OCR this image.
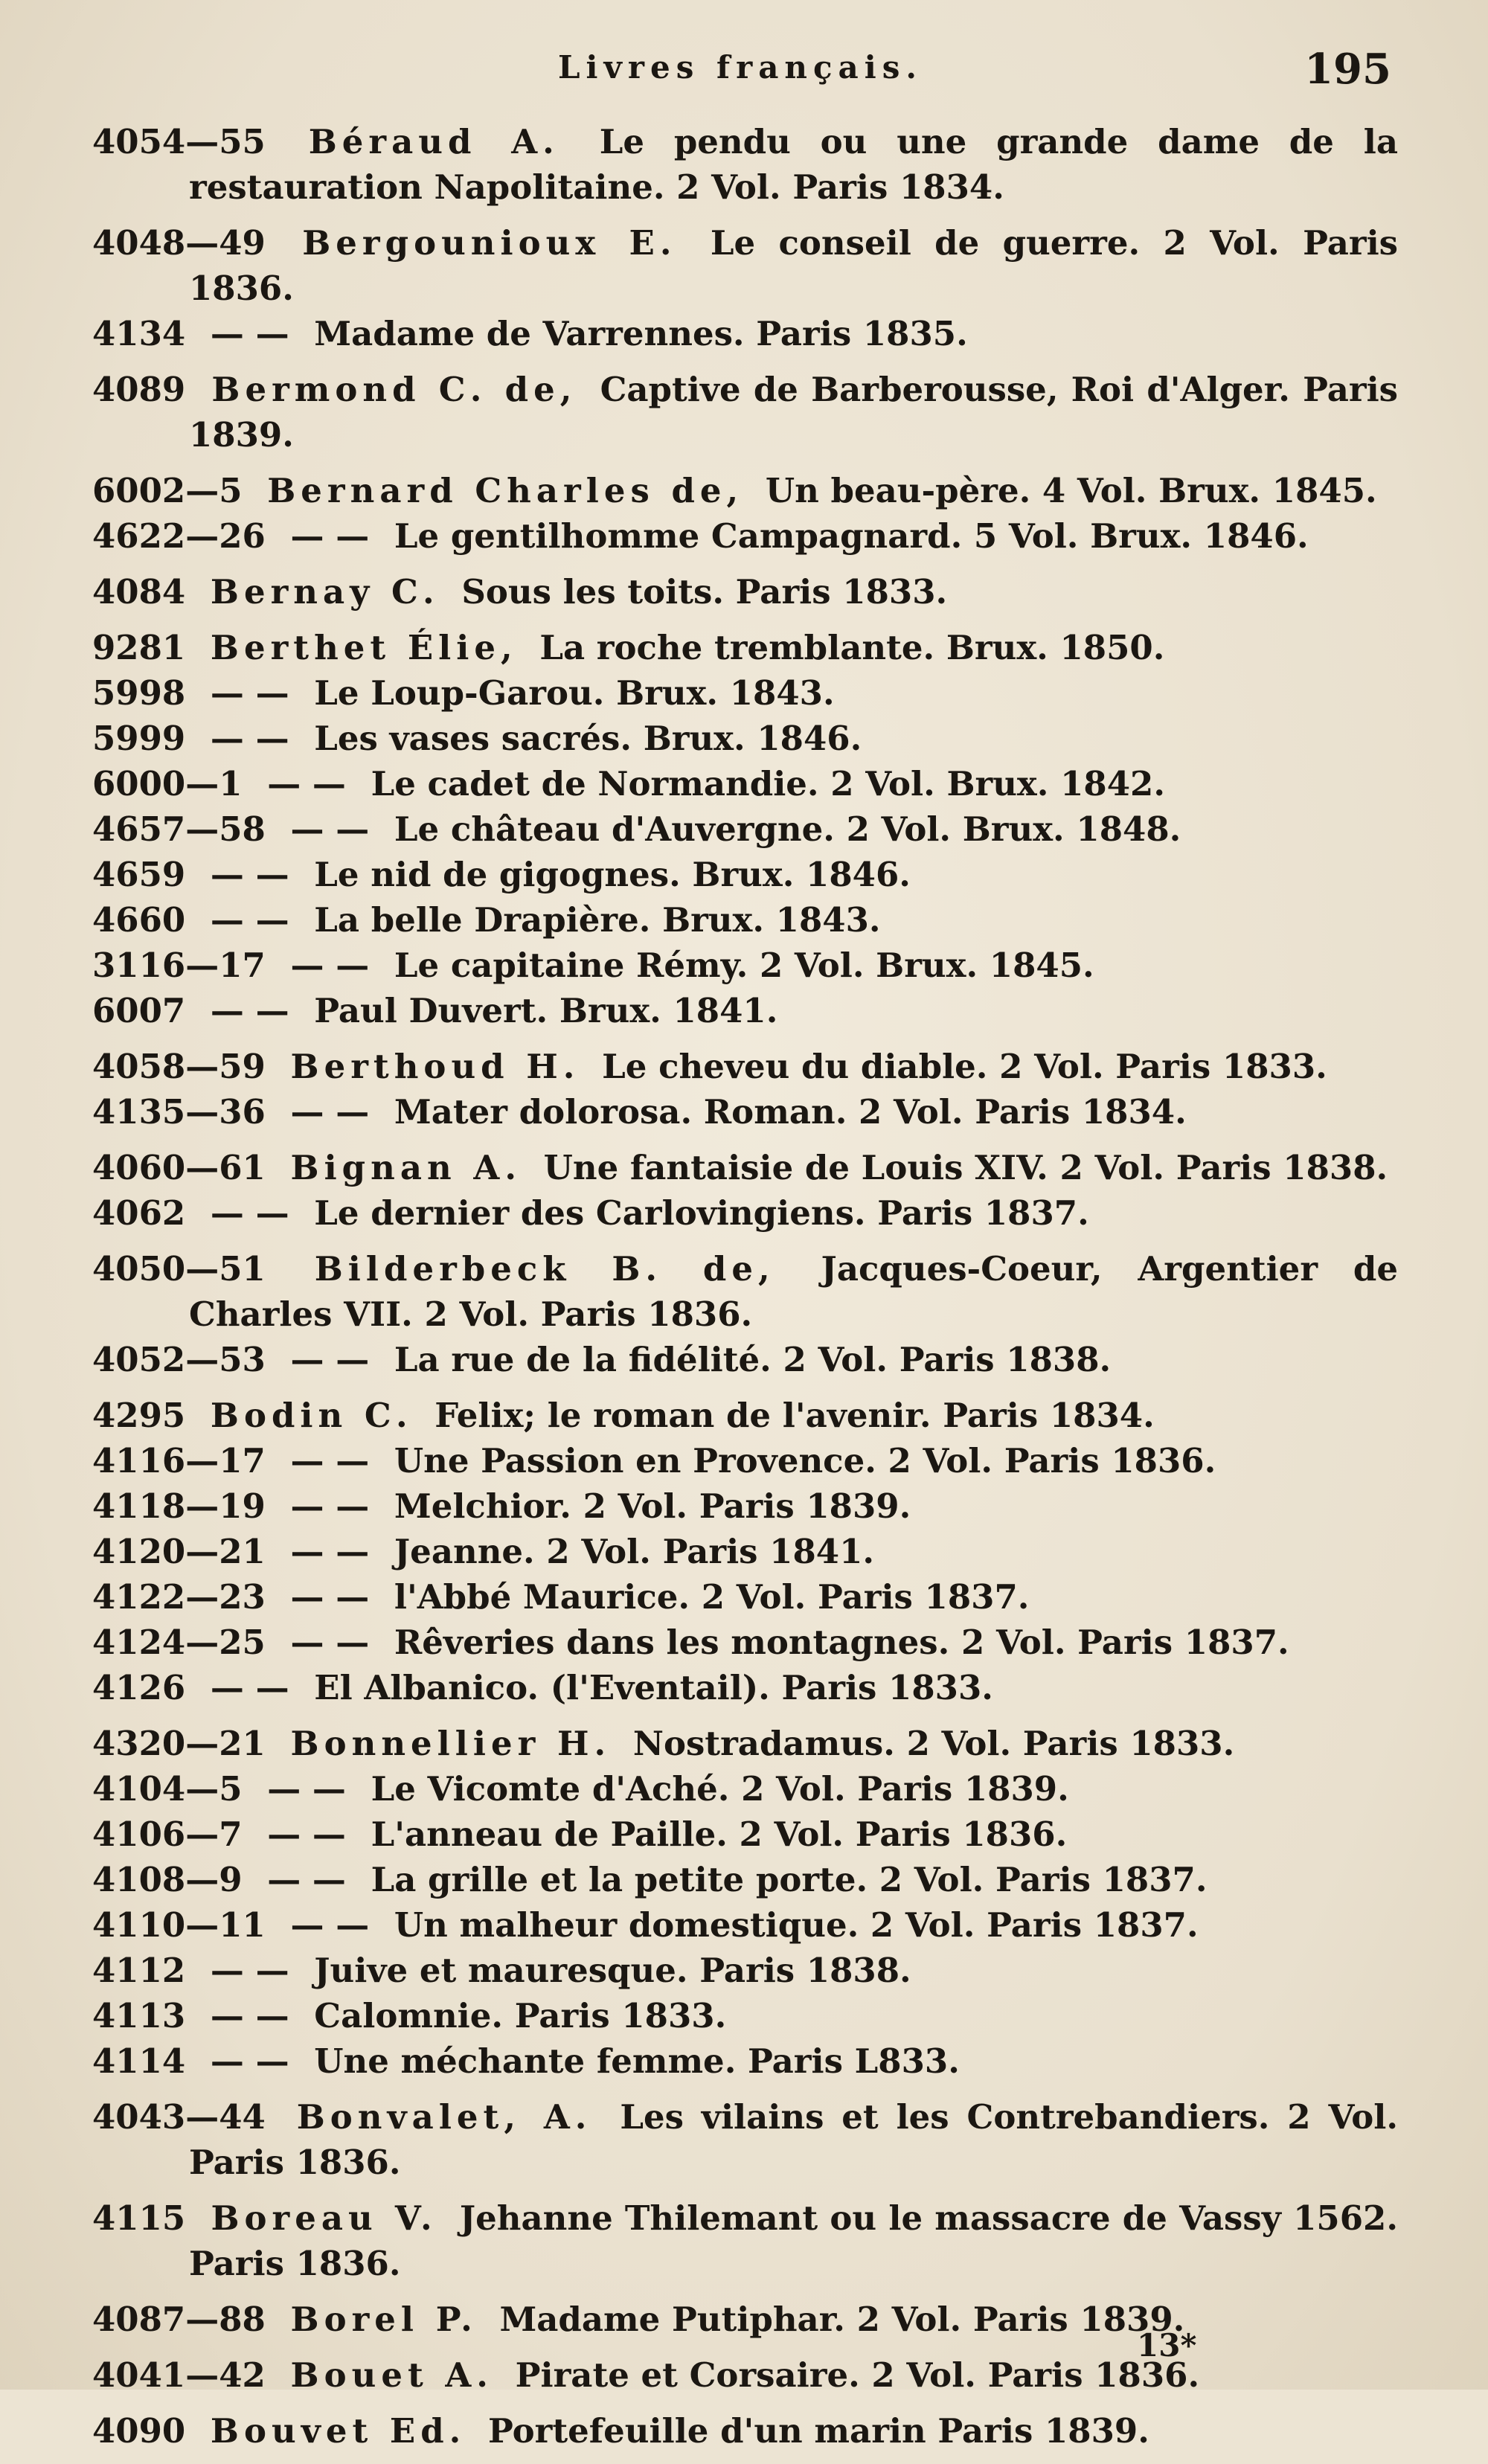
Livres français.	195
4054—55 Béraud A. Le pendu ou une grande dame de la restauration Napolitaine. 2 Vol. Paris 1834.
4048—49 Bergounioux E. Le conseil de guerre. 2 Vol. Paris 1836.
4134 — — Madame de Varrennes. Paris 1835.
4089 Bermond C. de, Captive de Barberousse, Roi d'Alger. Paris 1839.
6002—5 Bernard Charles de, Un beau-père. 4 Vol. Brux. 1845.
4622—26 — — Le gentilhomme Campagnard. 5 Vol. Brux. 1846.
4084 Bernay C. Sous les toits. Paris 1833.
9281 Berthet Élie, La roche tremblante. Brux. 1850.
5998 — — Le Loup-Garou. Brux. 1843.
5999 — — Les vases sacrés. Brux. 1846.
6000—1 — — Le cadet de Normandie. 2 Vol. Brux. 1842.
4657—58 — — Le château d'Auvergne. 2 Vol. Brux. 1848.
4659 — — Le nid de gigognes. Brux. 1846.
4660 — — La belle Drapière. Brux. 1843.
3116—17 — — Le capitaine Rémy. 2 Vol. Brux. 1845.
6007 — — Paul Duvert. Brux. 1841.
4058—59 Berthoud H. Le cheveu du diable. 2 Vol. Paris 1833.
4135—36 — — Mater dolorosa. Roman. 2 Vol. Paris 1834.
4060—61 Bignan A. Une fantaisie de Louis XIV. 2 Vol. Paris 1838.
4062 — — Le dernier des Carlovingiens. Paris 1837.
4050—51 Bilderbeck B. de, Jacques-Coeur, Argentier de Charles VII. 2 Vol. Paris 1836.
4052—53 — — La rue de la fidélité. 2 Vol. Paris 1838.
4295 Bodin C. Felix; le roman de l'avenir. Paris 1834.
4116—17 — — Une Passion en Provence. 2 Vol. Paris 1836.
4118—19 — — Melchior. 2 Vol. Paris 1839.
4120—21 — — Jeanne. 2 Vol. Paris 1841.
4122—23 — — l'Abbé Maurice. 2 Vol. Paris 1837.
4124—25 — — Rêveries dans les montagnes. 2 Vol. Paris 1837.
4126 — — El Albanico. (l'Eventail). Paris 1833.
4320—21 Bonnellier H. Nostradamus. 2 Vol. Paris 1833.
4104—5 — — Le Vicomte d'Aché. 2 Vol. Paris 1839.
4106—7 — — L'anneau de Paille. 2 Vol. Paris 1836.
4108—9 — — La grille et la petite porte. 2 Vol. Paris 1837.
4110—11 — — Un malheur domestique. 2 Vol. Paris 1837.
4112 — — Juive et mauresque. Paris 1838.
4113 — — Calomnie. Paris 1833.
4114 — — Une méchante femme. Paris L833.
4043—44 Bonvalet, A. Les vilains et les Contrebandiers. 2 Vol. Paris 1836.
4115 Boreau V. Jehanne Thilemant ou le massacre de Vassy 1562. Paris 1836.
4087—88 Borel P. Madame Putiphar. 2 Vol. Paris 1839.
4041—42 Bouet A. Pirate et Corsaire. 2 Vol. Paris 1836.
4090 Bouvet Ed. Portefeuille d'un marin Paris 1839.
13*
